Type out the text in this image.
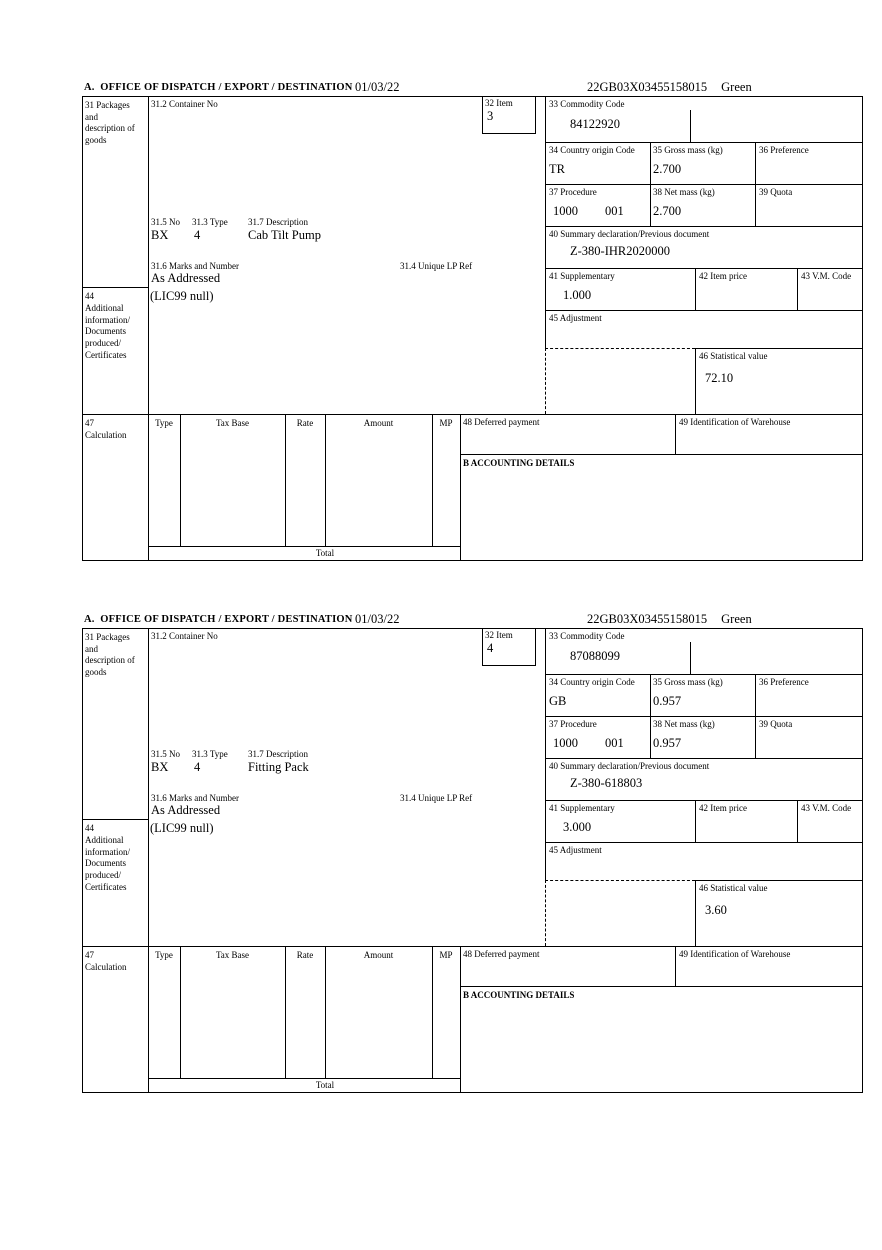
A.  OFFICE OF DISPATCH / EXPORT / DESTINATION 01/03/22	22GB03X03455158015 Green
31 Packages and description of goods
44
Additional information/ Documents produced/ Certificates
47
Calculation
31.2 Container No	32 Item
3
31.5 No 31.3 Type 31.7 Description
BX 4	Cab Tilt Pump
31.6 Marks and Number	31.4 Unique LP Ref
As Addressed
(LIC99 null)
33 Commodity Code
84122920
34 Country origin Code
TR
35 Gross mass (kg)
2.700
36 Preference
37 Procedure
1000 001
38 Net mass (kg)
2.700
39 Quota
40 Summary declaration/Previous document
Z-380-IHR2020000
41 Supplementary
1.000
42 Item price	43 V.M. Code
45 Adjustment
46 Statistical value
72.10
Type	Tax Base	Rate	Amount	MP
Total
48 Deferred payment	49 Identification of Warehouse
B ACCOUNTING DETAILS
A.  OFFICE OF DISPATCH / EXPORT / DESTINATION 01/03/22	22GB03X03455158015 Green
31 Packages and description of goods
44
Additional information/ Documents produced/ Certificates
47
Calculation
31.2 Container No	32 Item
4
31.5 No 31.3 Type 31.7 Description
BX 4	Fitting Pack
31.6 Marks and Number	31.4 Unique LP Ref
As Addressed
(LIC99 null)
33 Commodity Code
87088099
34 Country origin Code
GB
35 Gross mass (kg)
0.957
36 Preference
37 Procedure
1000 001
38 Net mass (kg)
0.957
39 Quota
40 Summary declaration/Previous document
Z-380-618803
41 Supplementary
3.000
42 Item price	43 V.M. Code
45 Adjustment
46 Statistical value
3.60
Type	Tax Base	Rate	Amount	MP
Total
48 Deferred payment	49 Identification of Warehouse
B ACCOUNTING DETAILS
